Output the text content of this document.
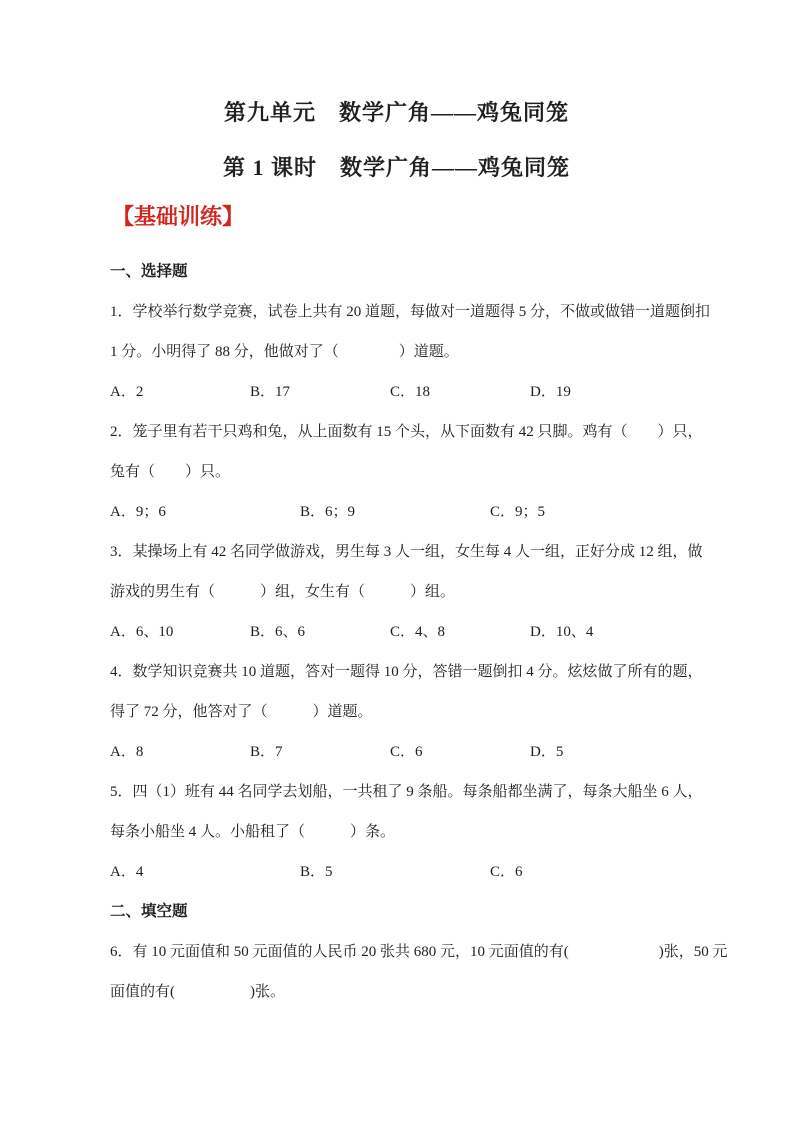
第九单元　数学广角——鸡兔同笼
第 1 课时　数学广角——鸡兔同笼
【基础训练】
一、选择题
1．学校举行数学竞赛，试卷上共有 20 道题，每做对一道题得 5 分，不做或做错一道题倒扣
1 分。小明得了 88 分，他做对了（　　　　）道题。
A．2	B．17	C．18	D．19
2．笼子里有若干只鸡和兔，从上面数有 15 个头，从下面数有 42 只脚。鸡有（　　）只，
兔有（　　）只。
A．9；6	B．6；9	C．9；5
3．某操场上有 42 名同学做游戏，男生每 3 人一组，女生每 4 人一组，正好分成 12 组，做
游戏的男生有（　　　）组，女生有（　　　）组。
A．6、10	B．6、6	C．4、8	D．10、4
4．数学知识竞赛共 10 道题，答对一题得 10 分，答错一题倒扣 4 分。炫炫做了所有的题，
得了 72 分，他答对了（　　　）道题。
A．8	B．7	C．6	D．5
5．四（1）班有 44 名同学去划船，一共租了 9 条船。每条船都坐满了，每条大船坐 6 人，
每条小船坐 4 人。小船租了（　　　）条。
A．4	B．5	C．6
二、填空题
6．有 10 元面值和 50 元面值的人民币 20 张共 680 元，10 元面值的有(　　　　　　)张，50 元
面值的有(　　　　　)张。
